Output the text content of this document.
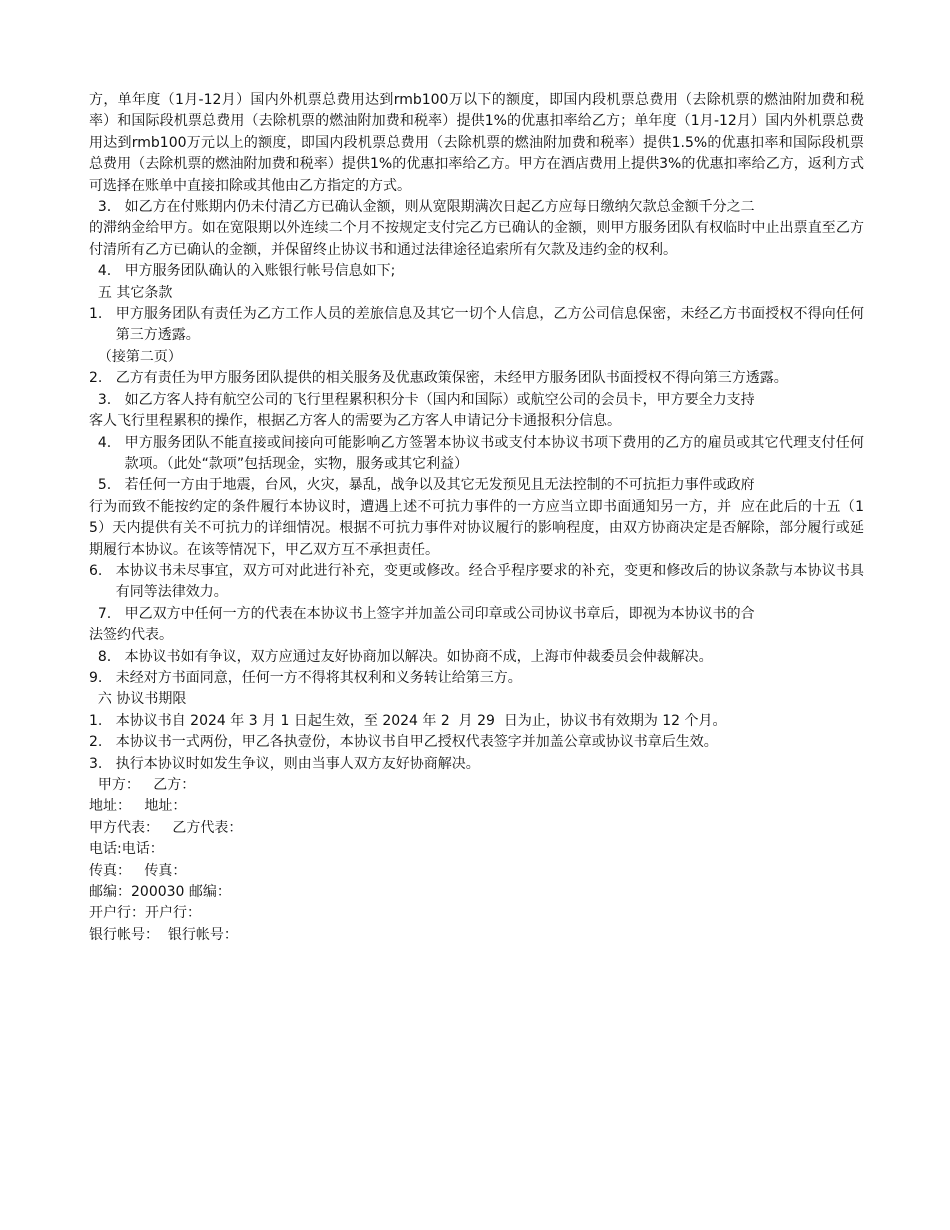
方，单年度（1月-12月）国内外机票总费用达到rmb100万以下的额度，即国内段机票总费用（去除机票的燃油附加费和税率）和国际段机票总费用（去除机票的燃油附加费和税率）提供1%的优惠扣率给乙方；单年度（1月-12月）国内外机票总费用达到rmb100万元以上的额度，即国内段机票总费用（去除机票的燃油附加费和税率）提供1.5%的优惠扣率和国际段机票总费用（去除机票的燃油附加费和税率）提供1%的优惠扣率给乙方。甲方在酒店费用上提供3%的优惠扣率给乙方，返利方式可选择在账单中直接扣除或其他由乙方指定的方式。

3. 如乙方在付账期内仍未付清乙方已确认金额，则从宽限期满次日起乙方应每日缴纳欠款总金额千分之二

的滞纳金给甲方。如在宽限期以外连续二个月不按规定支付完乙方已确认的金额，则甲方服务团队有权临时中止出票直至乙方付清所有乙方已确认的金额，并保留终止协议书和通过法律途径追索所有欠款及违约金的权利。

4. 甲方服务团队确认的入账银行帐号信息如下;

五 其它条款

1. 甲方服务团队有责任为乙方工作人员的差旅信息及其它一切个人信息，乙方公司信息保密，未经乙方书面授权不得向任何第三方透露。

（接第二页）

2. 乙方有责任为甲方服务团队提供的相关服务及优惠政策保密，未经甲方服务团队书面授权不得向第三方透露。
3. 如乙方客人持有航空公司的飞行里程累积积分卡（国内和国际）或航空公司的会员卡，甲方要全力支持

客人飞行里程累积的操作，根据乙方客人的需要为乙方客人申请记分卡通报积分信息。

4. 甲方服务团队不能直接或间接向可能影响乙方签署本协议书或支付本协议书项下费用的乙方的雇员或其它代理支付任何款项。（此处“款项”包括现金，实物，服务或其它利益）
5. 若任何一方由于地震，台风，火灾，暴乱，战争以及其它无发预见且无法控制的不可抗拒力事件或政府

行为而致不能按约定的条件履行本协议时，遭遇上述不可抗力事件的一方应当立即书面通知另一方，并  应在此后的十五（15）天内提供有关不可抗力的详细情况。根据不可抗力事件对协议履行的影响程度，由双方协商决定是否解除，部分履行或延期履行本协议。在该等情况下，甲乙双方互不承担责任。

6. 本协议书未尽事宜，双方可对此进行补充，变更或修改。经合乎程序要求的补充，变更和修改后的协议条款与本协议书具有同等法律效力。
7. 甲乙双方中任何一方的代表在本协议书上签字并加盖公司印章或公司协议书章后，即视为本协议书的合

法签约代表。

8. 本协议书如有争议，双方应通过友好协商加以解决。如协商不成，上海市仲裁委员会仲裁解决。
9. 未经对方书面同意，任何一方不得将其权利和义务转让给第三方。

六 协议书期限

1. 本协议书自 2024 年 3 月 1 日起生效，至 2024 年 2  月 29  日为止，协议书有效期为 12 个月。
2. 本协议书一式两份，甲乙各执壹份，本协议书自甲乙授权代表签字并加盖公章或协议书章后生效。
3. 执行本协议时如发生争议，则由当事人双方友好协商解决。

甲方：   乙方：

地址：   地址：

甲方代表：   乙方代表：

电话:电话：

传真：   传真：

邮编：200030 邮编：

开户行：开户行：

银行帐号：  银行帐号：
